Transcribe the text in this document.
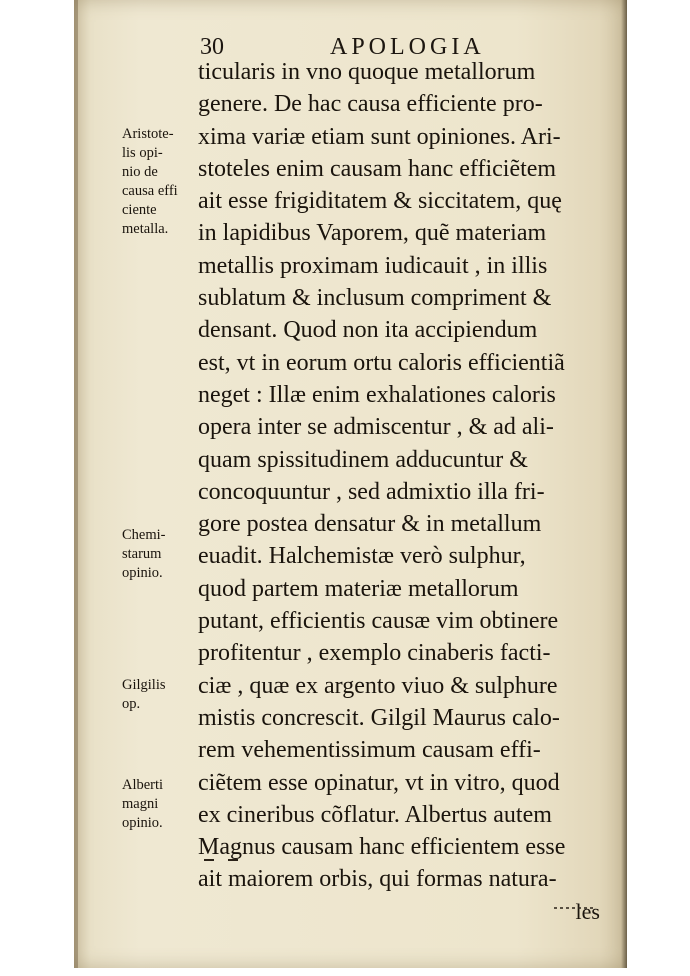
30	APOLOGIA
ticularis in vno quoque metallorum
genere. De hac causa efficiente pro-
xima variæ etiam sunt opiniones. Ari-
stoteles enim causam hanc efficiẽtem
ait esse frigiditatem & siccitatem, quę
in lapidibus Vaporem, quẽ materiam
metallis proximam iudicauit , in illis
sublatum & inclusum compriment &
densant. Quod non ita accipiendum
est, vt in eorum ortu caloris efficientiã
neget : Illæ enim exhalationes caloris
opera inter se admiscentur , & ad ali-
quam spissitudinem adducuntur &
concoquuntur , sed admixtio illa fri-
gore postea densatur & in metallum
euadit. Halchemistæ verò sulphur,
quod partem materiæ metallorum
putant, efficientis causæ vim obtinere
profitentur , exemplo cinaberis facti-
ciæ , quæ ex argento viuo & sulphure
mistis concrescit. Gilgil Maurus calo-
rem vehementissimum causam effi-
ciẽtem esse opinatur, vt in vitro, quod
ex cineribus cõflatur. Albertus autem
Magnus causam hanc efficientem esse
ait maiorem orbis, qui formas natura-
les
Aristote-
lis opi-
nio de
causa effi
ciente
metalla.
Chemi-
starum
opinio.
Gilgilis
op.
Alberti
magni
opinio.
